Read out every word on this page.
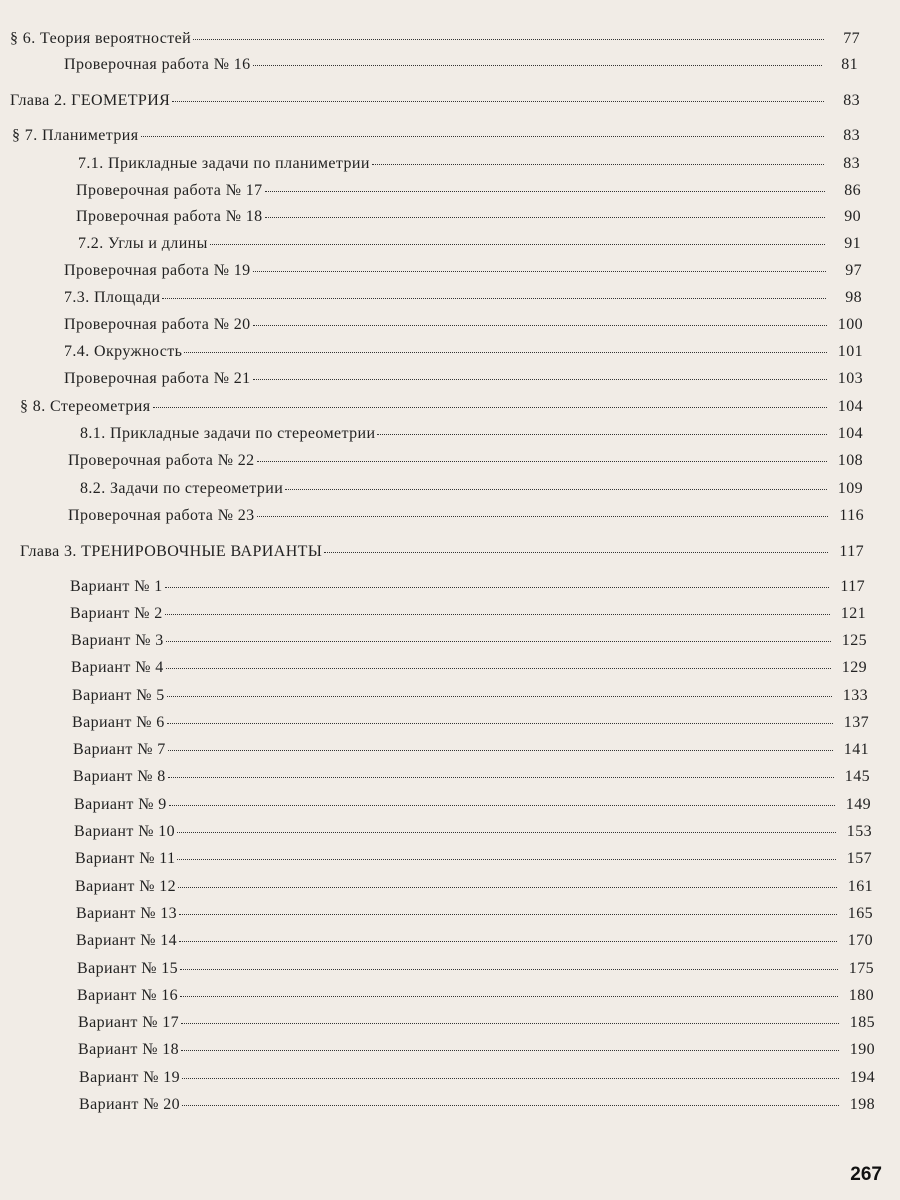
§ 6. Теория вероятностей	77
Проверочная работа № 16	81
Глава 2. ГЕОМЕТРИЯ	83
§ 7. Планиметрия	83
7.1. Прикладные задачи по планиметрии	83
Проверочная работа № 17	86
Проверочная работа № 18	90
7.2. Углы и длины	91
Проверочная работа № 19	97
7.3. Площади	98
Проверочная работа № 20	100
7.4. Окружность	101
Проверочная работа № 21	103
§ 8. Стереометрия	104
8.1. Прикладные задачи по стереометрии	104
Проверочная работа № 22	108
8.2. Задачи по стереометрии	109
Проверочная работа № 23	116
Глава 3. ТРЕНИРОВОЧНЫЕ ВАРИАНТЫ	117
Вариант № 1	117
Вариант № 2	121
Вариант № 3	125
Вариант № 4	129
Вариант № 5	133
Вариант № 6	137
Вариант № 7	141
Вариант № 8	145
Вариант № 9	149
Вариант № 10	153
Вариант № 11	157
Вариант № 12	161
Вариант № 13	165
Вариант № 14	170
Вариант № 15	175
Вариант № 16	180
Вариант № 17	185
Вариант № 18	190
Вариант № 19	194
Вариант № 20	198
267
